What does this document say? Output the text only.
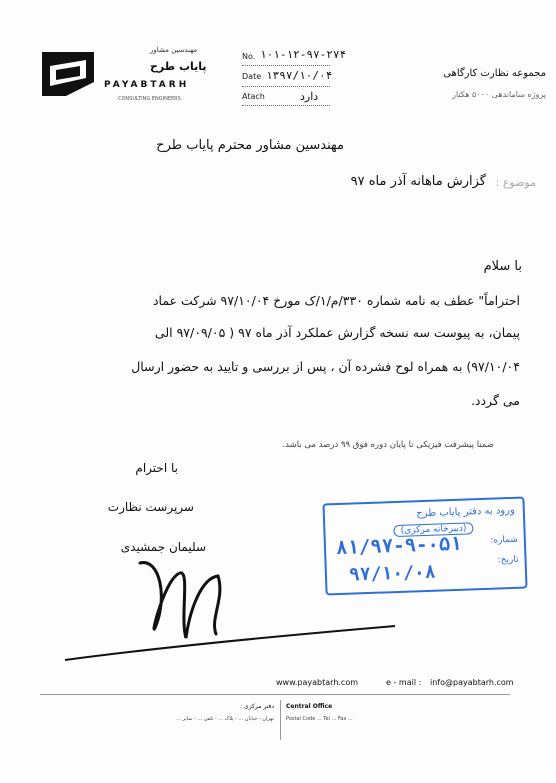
مهندسین مشاور
پایاب طرح
PAYABTARH
CONSULTING ENGINEERS
No. ۱۰۱-۱۲-۹۷-۲۷۴
Date ۱۳۹۷/۱۰/۰۴
Atach	دارد
مجموعه نظارت کارگاهی
پروژه ساماندهی ۵۰۰۰ هکتار
مهندسین مشاور محترم پایاب طرح
موضوع :
گزارش ماهانه آذر ماه ۹۷
با سلام
احتراماً" عطف به نامه شماره ۳۳۰/م/۱/ک مورخ ۹۷/۱۰/۰۴ شرکت عماد
پیمان، به پیوست سه نسخه گزارش عملکرد آذر ماه ۹۷ ( ۹۷/۰۹/۰۵ الی
۹۷/۱۰/۰۴) به همراه لوح فشرده آن ، پس از بررسی و تایید به حضور ارسال
می گردد.
ضمنا پیشرفت فیزیکی تا پایان دوره فوق ۹۹ درصد می باشد.
با احترام
سرپرست نظارت
سلیمان جمشیدی
ورود به دفتر پایاب طرح
(دبیرخانه مرکزی)
شماره:
۸۱/۹۷-۹-۰۵۱
تاریخ:
۹۷/۱۰/۰۸
www.payabtarh.com	e - mail : info@payabtarh.com
دفتر مرکزی : Central Office
تهران - خیابان ... - پلاک ... - تلفن ... - نمابر ... Postal Code ... Tel ... Fax ...
